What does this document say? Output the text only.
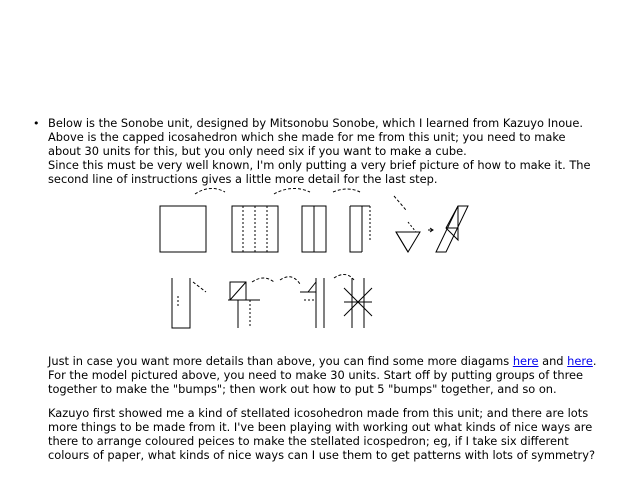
• Below is the Sonobe unit, designed by Mitsonobu Sonobe, which I learned from Kazuyo Inoue.
Above is the capped icosahedron which she made for me from this unit; you need to make
about 30 units for this, but you only need six if you want to make a cube.
Since this must be very well known, I'm only putting a very brief picture of how to make it. The
second line of instructions gives a little more detail for the last step.
Just in case you want more details than above, you can find some more diagams here and here.
For the model pictured above, you need to make 30 units. Start off by putting groups of three
together to make the "bumps"; then work out how to put 5 "bumps" together, and so on.
Kazuyo first showed me a kind of stellated icosohedron made from this unit; and there are lots
more things to be made from it. I've been playing with working out what kinds of nice ways are
there to arrange coloured peices to make the stellated icospedron; eg, if I take six different
colours of paper, what kinds of nice ways can I use them to get patterns with lots of symmetry?
